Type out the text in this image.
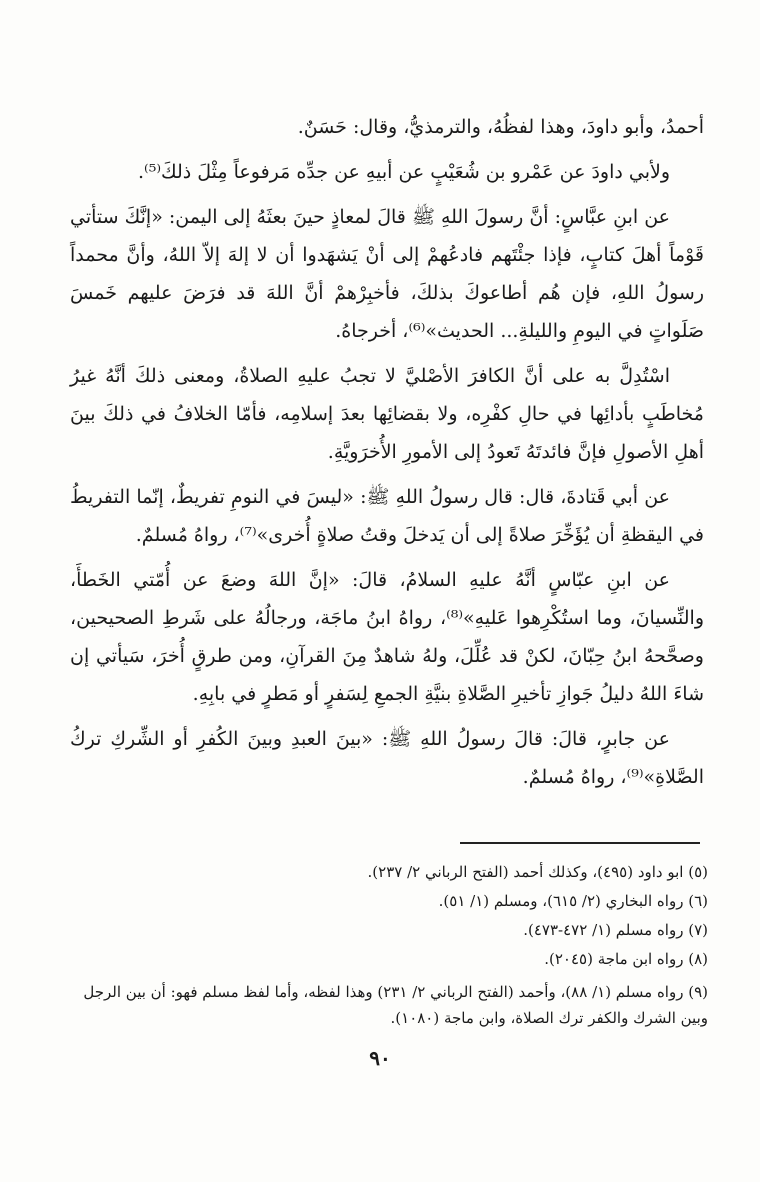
أحمدُ، وأبو داودَ، وهذا لفظُهُ، والترمذيُّ، وقال: حَسَنٌ.

ولأبي داودَ عن عَمْرو بن شُعَيْبٍ عن أبيهِ عن جدِّه مَرفوعاً مِثْلَ ذلكَ⁽⁵⁾.

عن ابنِ عبَّاسٍ: أنَّ رسولَ اللهِ ﷺ قالَ لمعاذٍ حينَ بعثَهُ إلى اليمن: «إنَّكَ ستأتي قَوْماً أهلَ كتابٍ، فإذا جئْتَهم فادعُهمْ إلى أنْ يَشهَدوا أن لا إلهَ إلاّ اللهُ، وأنَّ محمداً رسولُ اللهِ، فإن هُم أطاعوكَ بذلكَ، فأخبِرْهمْ أنَّ اللهَ قد فرَضَ عليهم خَمسَ صَلَواتٍ في اليومِ والليلةِ... الحديث»⁽⁶⁾، أخرجاهُ.

اسْتُدِلَّ به على أنَّ الكافرَ الأصْليَّ لا تجبُ عليهِ الصلاةُ، ومعنى ذلكَ أنَّهُ غيرُ مُخاطَبٍ بأدائِها في حالِ كفْرِه، ولا بقضائِها بعدَ إسلامِه، فأمّا الخلافُ في ذلكَ بينَ أهلِ الأصولِ فإنَّ فائدتَهُ تَعودُ إلى الأمورِ الأُخرَويَّةِ.

عن أبي قَتادةَ، قال: قال رسولُ اللهِ ﷺ: «ليسَ في النومِ تفريطٌ، إنّما التفريطُ في اليقظةِ أن يُؤَخِّرَ صلاةً إلى أن يَدخلَ وقتُ صلاةٍ أُخرى»⁽⁷⁾، رواهُ مُسلمٌ.

عن ابنِ عبّاسٍ أنَّهُ عليهِ السلامُ، قالَ: «إنَّ اللهَ وضعَ عن أُمّتي الخَطأَ، والنِّسيانَ، وما استُكْرِهوا عَليهِ»⁽⁸⁾، رواهُ ابنُ ماجَة، ورجالُهُ على شَرطِ الصحيحين، وصحَّحهُ ابنُ حِبّانَ، لكنْ قد عُلِّلَ، ولهُ شاهدٌ مِنَ القرآنِ، ومن طرقٍ أُخرَ، سَيأتي إن شاءَ اللهُ دليلُ جَوازِ تأخيرِ الصَّلاةِ بنيَّةِ الجمعِ لِسَفرٍ أو مَطرٍ في بابِهِ.

عن جابرٍ، قالَ: قالَ رسولُ اللهِ ﷺ: «بينَ العبدِ وبينَ الكُفرِ أو الشِّركِ تركُ الصَّلاةِ»⁽⁹⁾، رواهُ مُسلمٌ.

(٥) ابو داود (٤٩٥)، وكذلك أحمد (الفتح الرباني ٢/ ٢٣٧).

(٦) رواه البخاري (٢/ ٦١٥)، ومسلم (١/ ٥١).

(٧) رواه مسلم (١/ ٤٧٢-٤٧٣).

(٨) رواه ابن ماجة (٢٠٤٥).

(٩) رواه مسلم (١/ ٨٨)، وأحمد (الفتح الرباني ٢/ ٢٣١) وهذا لفظه، وأما لفظ مسلم فهو: أن بين الرجل وبين الشرك والكفر ترك الصلاة، وابن ماجة (١٠٨٠).

٩٠
